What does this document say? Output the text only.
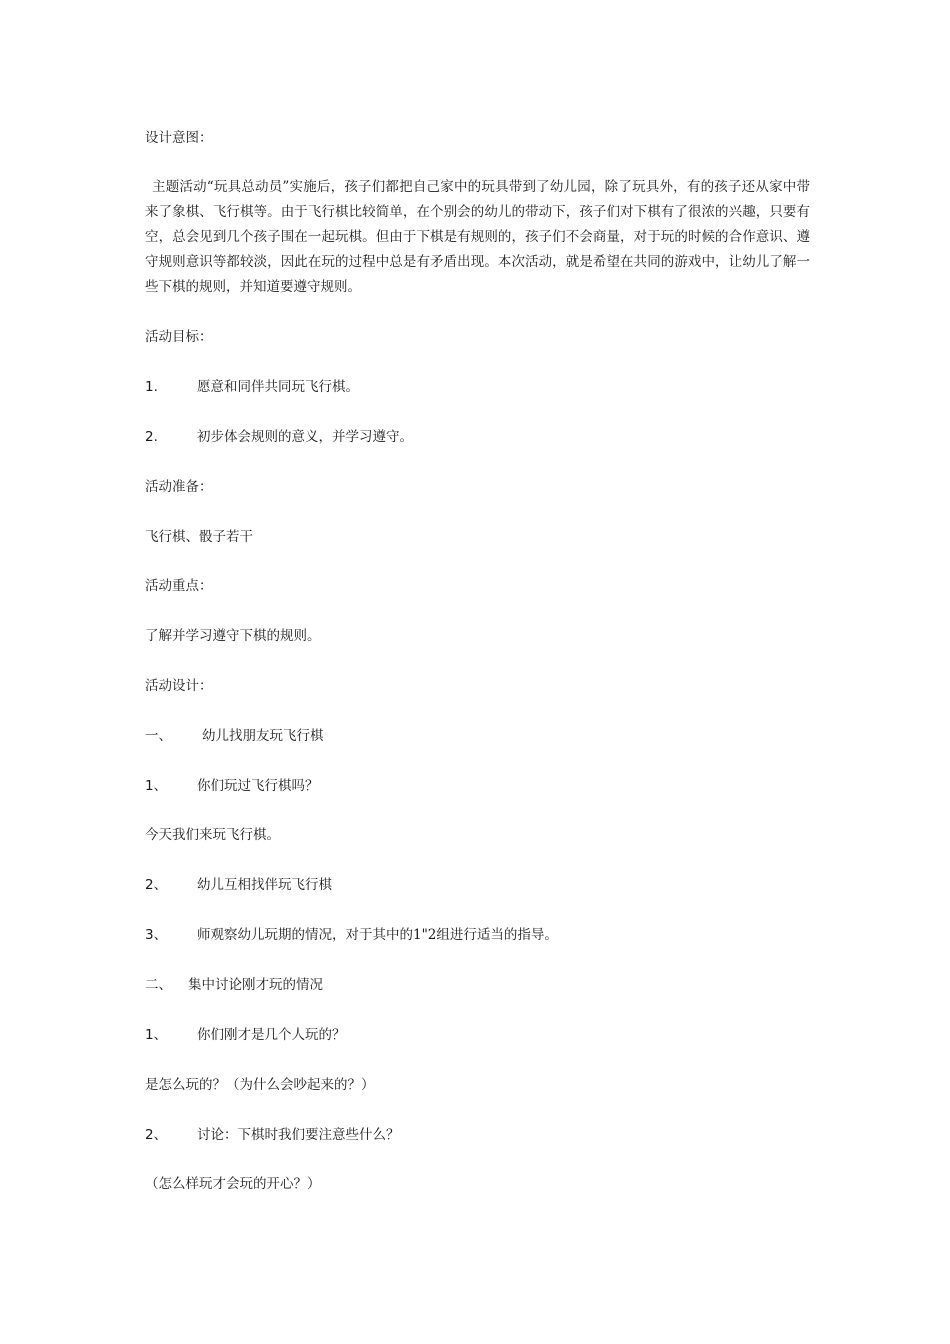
设计意图：
主题活动“玩具总动员”实施后，孩子们都把自己家中的玩具带到了幼儿园，除了玩具外，有的孩子还从家中带来了象棋、飞行棋等。由于飞行棋比较简单，在个别会的幼儿的带动下，孩子们对下棋有了很浓的兴趣，只要有空，总会见到几个孩子围在一起玩棋。但由于下棋是有规则的，孩子们不会商量，对于玩的时候的合作意识、遵守规则意识等都较淡，因此在玩的过程中总是有矛盾出现。本次活动，就是希望在共同的游戏中，让幼儿了解一些下棋的规则，并知道要遵守规则。
活动目标：
1.	愿意和同伴共同玩飞行棋。
2.	初步体会规则的意义，并学习遵守。
活动准备：
飞行棋、骰子若干
活动重点：
了解并学习遵守下棋的规则。
活动设计：
一、 幼儿找朋友玩飞行棋
1、 你们玩过飞行棋吗？
今天我们来玩飞行棋。
2、 幼儿互相找伴玩飞行棋
3、 师观察幼儿玩期的情况，对于其中的1"2组进行适当的指导。
二、 集中讨论刚才玩的情况
1、 你们刚才是几个人玩的？
是怎么玩的？（为什么会吵起来的？）
2、 讨论：下棋时我们要注意些什么？
（怎么样玩才会玩的开心？）
